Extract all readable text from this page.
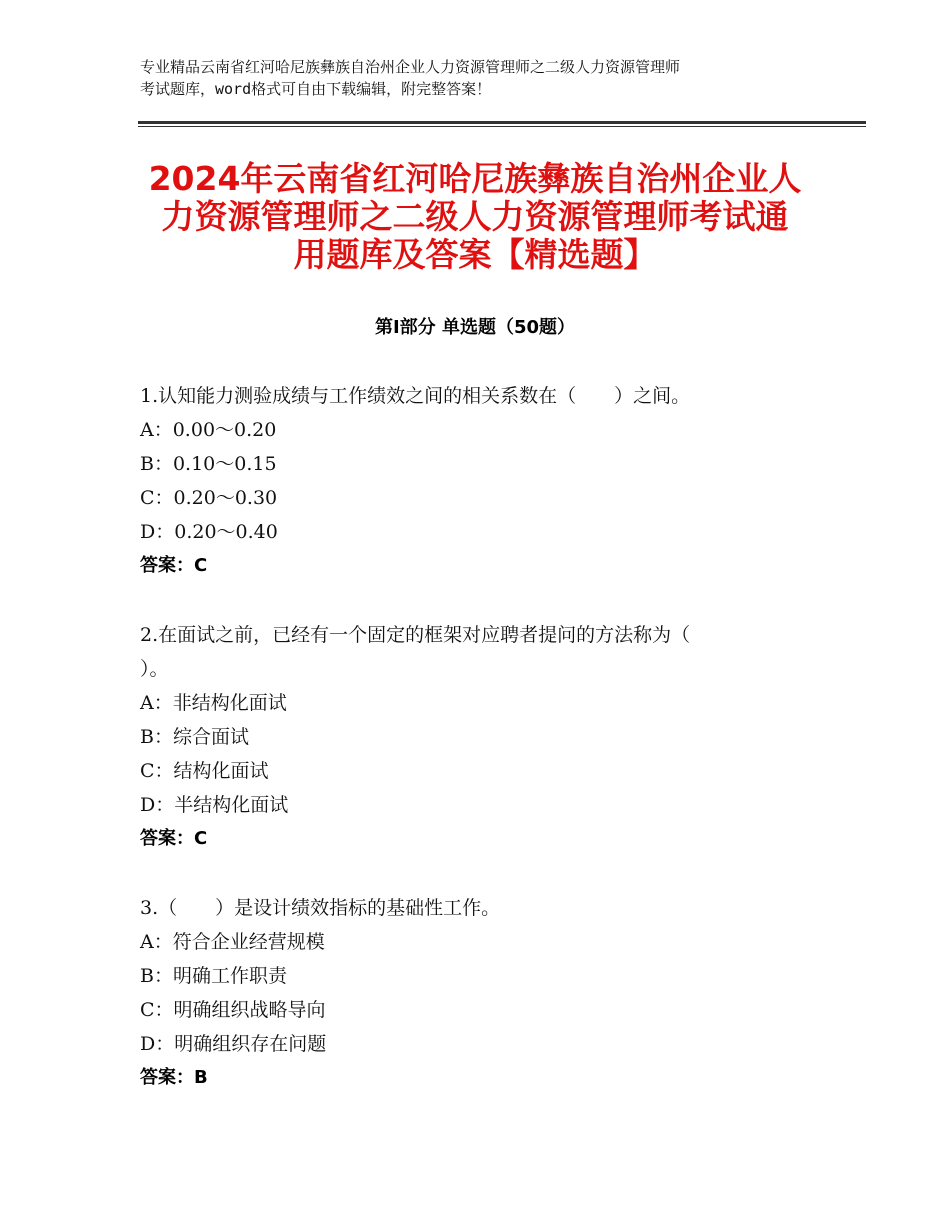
专业精品云南省红河哈尼族彝族自治州企业人力资源管理师之二级人力资源管理师
考试题库，word格式可自由下载编辑，附完整答案！
2024年云南省红河哈尼族彝族自治州企业人
力资源管理师之二级人力资源管理师考试通
用题库及答案【精选题】
第Ⅰ部分 单选题（50题）
1.认知能力测验成绩与工作绩效之间的相关系数在（　　）之间。
A：0.00～0.20
B：0.10～0.15
C：0.20～0.30
D：0.20～0.40
答案：C
2.在面试之前，已经有一个固定的框架对应聘者提问的方法称为（
）。
A：非结构化面试
B：综合面试
C：结构化面试
D：半结构化面试
答案：C
3.（　　）是设计绩效指标的基础性工作。
A：符合企业经营规模
B：明确工作职责
C：明确组织战略导向
D：明确组织存在问题
答案：B
